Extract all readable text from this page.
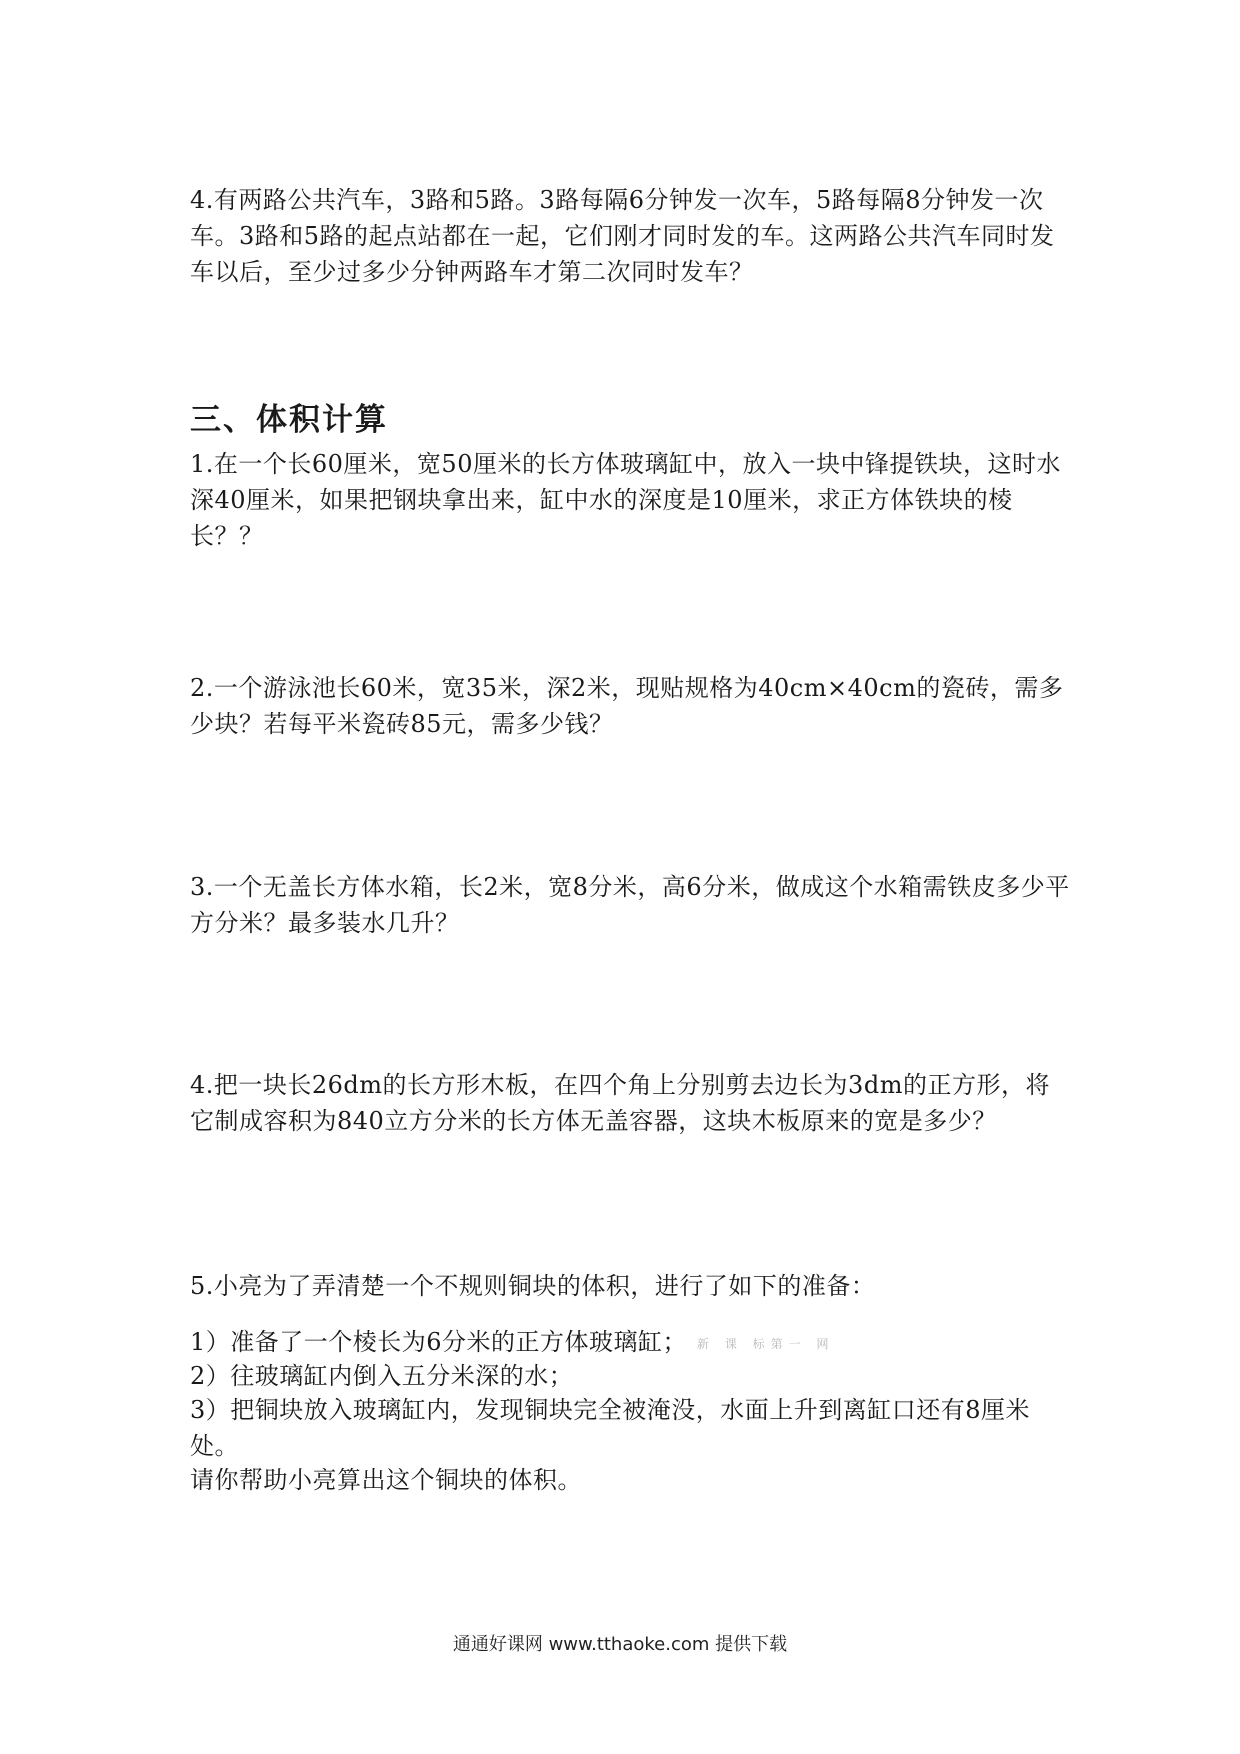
4.有两路公共汽车，3路和5路。3路每隔6分钟发一次车，5路每隔8分钟发一次车。3路和5路的起点站都在一起，它们刚才同时发的车。这两路公共汽车同时发车以后，至少过多少分钟两路车才第二次同时发车？

三、体积计算

1.在一个长60厘米，宽50厘米的长方体玻璃缸中，放入一块中锋提铁块，这时水深40厘米，如果把钢块拿出来，缸中水的深度是10厘米，求正方体铁块的棱长？？

2.一个游泳池长60米，宽35米，深2米，现贴规格为40cm×40cm的瓷砖，需多少块？若每平米瓷砖85元，需多少钱？

3.一个无盖长方体水箱，长2米，宽8分米，高6分米，做成这个水箱需铁皮多少平方分米？最多装水几升？

4.把一块长26dm的长方形木板，在四个角上分别剪去边长为3dm的正方形，将它制成容积为840立方分米的长方体无盖容器，这块木板原来的宽是多少？

5.小亮为了弄清楚一个不规则铜块的体积，进行了如下的准备：

1）准备了一个棱长为6分米的正方体玻璃缸； 新 课 标第一 网

2）往玻璃缸内倒入五分米深的水；

3）把铜块放入玻璃缸内，发现铜块完全被淹没，水面上升到离缸口还有8厘米处。

请你帮助小亮算出这个铜块的体积。

通通好课网 www.tthaoke.com 提供下载
